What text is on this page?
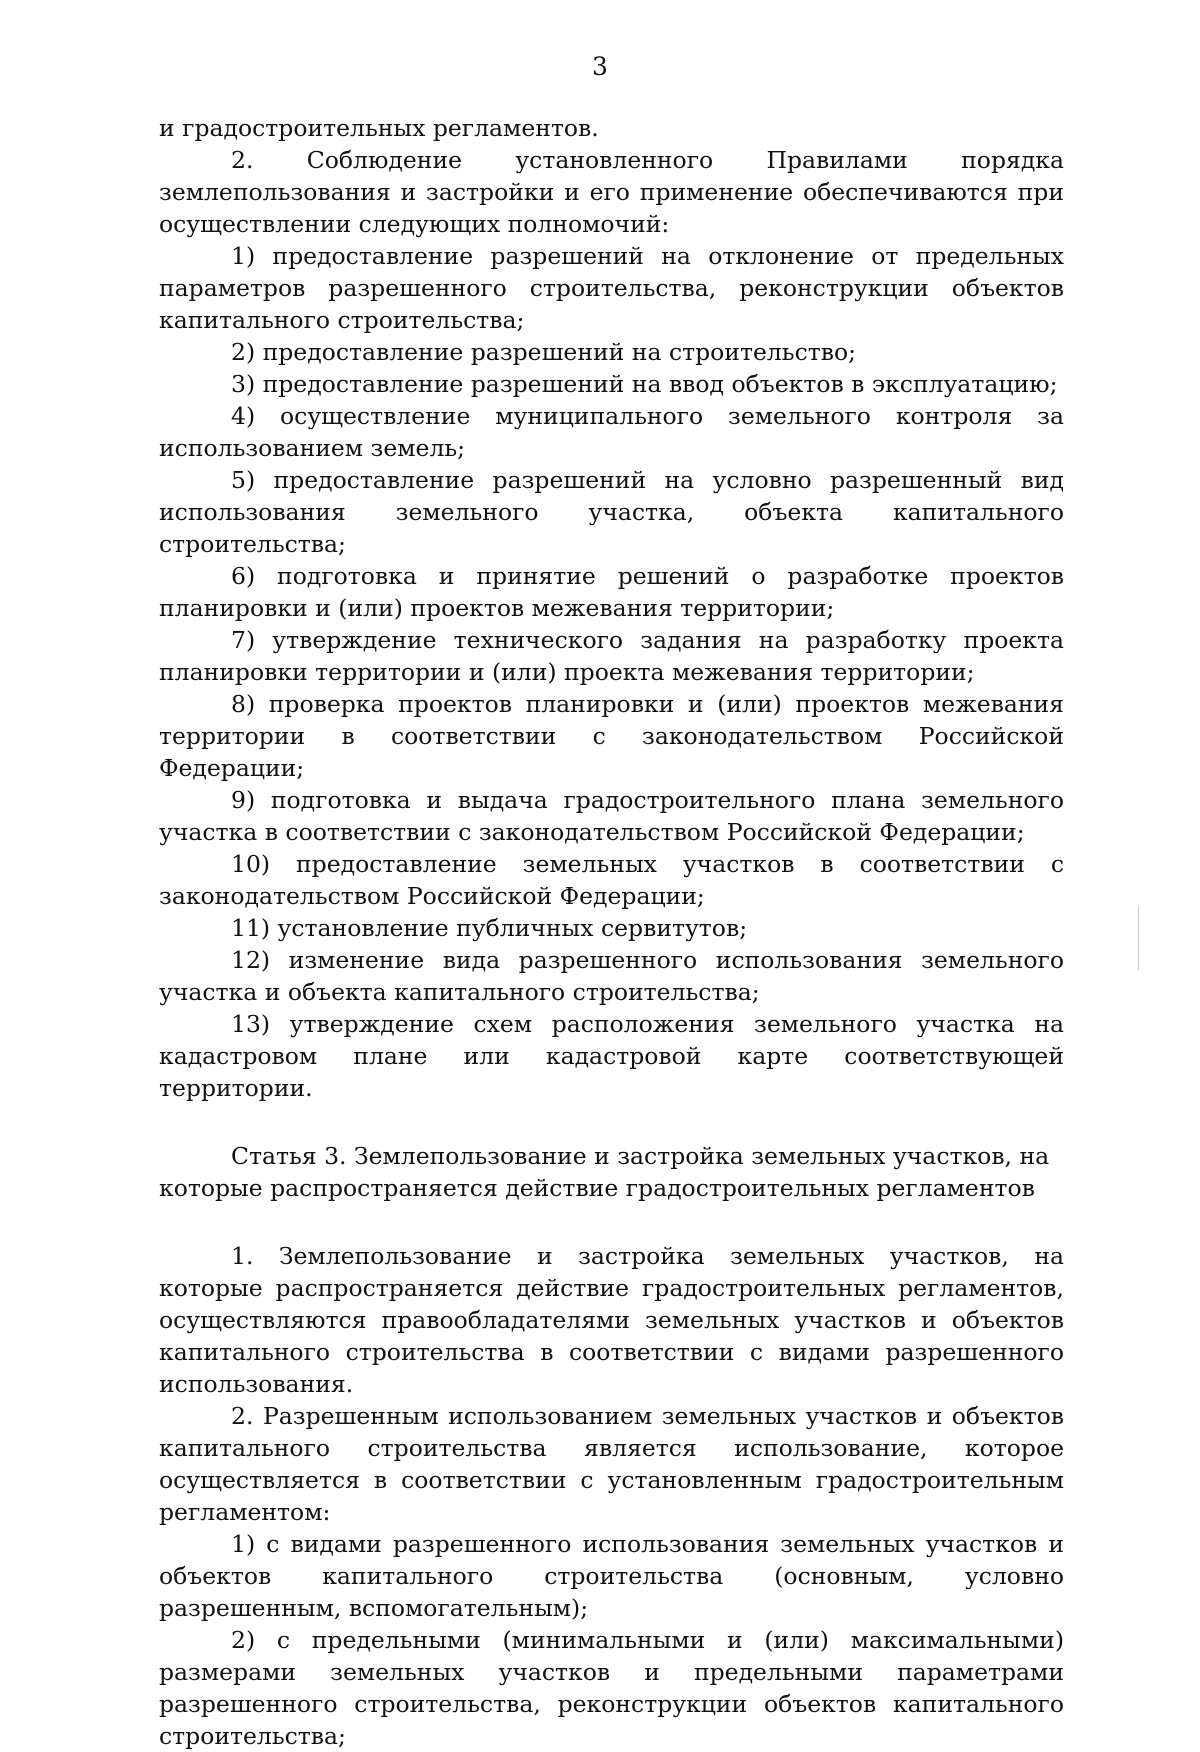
3

и градостроительных регламентов.

2. Соблюдение установленного Правилами порядка землепользования и застройки и его применение обеспечиваются при осуществлении следующих полномочий:

1) предоставление разрешений на отклонение от предельных параметров разрешенного строительства, реконструкции объектов капитального строительства;

2) предоставление разрешений на строительство;

3) предоставление разрешений на ввод объектов в эксплуатацию;

4) осуществление муниципального земельного контроля за использованием земель;

5) предоставление разрешений на условно разрешенный вид использования земельного участка, объекта капитального строительства;

6) подготовка и принятие решений о разработке проектов планировки и (или) проектов межевания территории;

7) утверждение технического задания на разработку проекта планировки территории и (или) проекта межевания территории;

8) проверка проектов планировки и (или) проектов межевания территории в соответствии с законодательством Российской Федерации;

9) подготовка и выдача градостроительного плана земельного участка в соответствии с законодательством Российской Федерации;

10) предоставление земельных участков в соответствии с законодательством Российской Федерации;

11) установление публичных сервитутов;

12) изменение вида разрешенного использования земельного участка и объекта капитального строительства;

13) утверждение схем расположения земельного участка на кадастровом плане или кадастровой карте соответствующей территории.

Статья 3. Землепользование и застройка земельных участков, на которые распространяется действие градостроительных регламентов

1. Землепользование и застройка земельных участков, на которые распространяется действие градостроительных регламентов, осуществляются правообладателями земельных участков и объектов капитального строительства в соответствии с видами разрешенного использования.

2. Разрешенным использованием земельных участков и объектов капитального строительства является использование, которое осуществляется в соответствии с установленным градостроительным регламентом:

1) с видами разрешенного использования земельных участков и объектов капитального строительства (основным, условно разрешенным, вспомогательным);

2) с предельными (минимальными и (или) максимальными) размерами земельных участков и предельными параметрами разрешенного строительства, реконструкции объектов капитального строительства;
